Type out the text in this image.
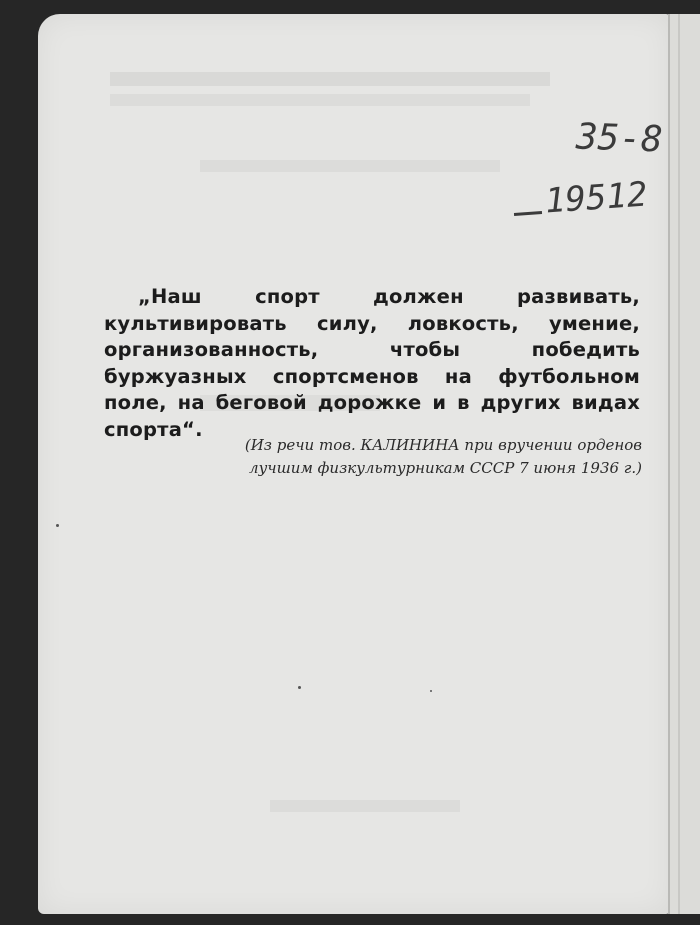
35-8
19512
„Наш спорт должен развивать, культивировать силу, ловкость, умение, организованность, чтобы победить буржуазных спортсменов на футбольном поле, на беговой дорожке и в других видах спорта“.
(Из речи тов. КАЛИНИНА при вручении орденов
лучшим физкультурникам СССР 7 июня 1936 г.)
